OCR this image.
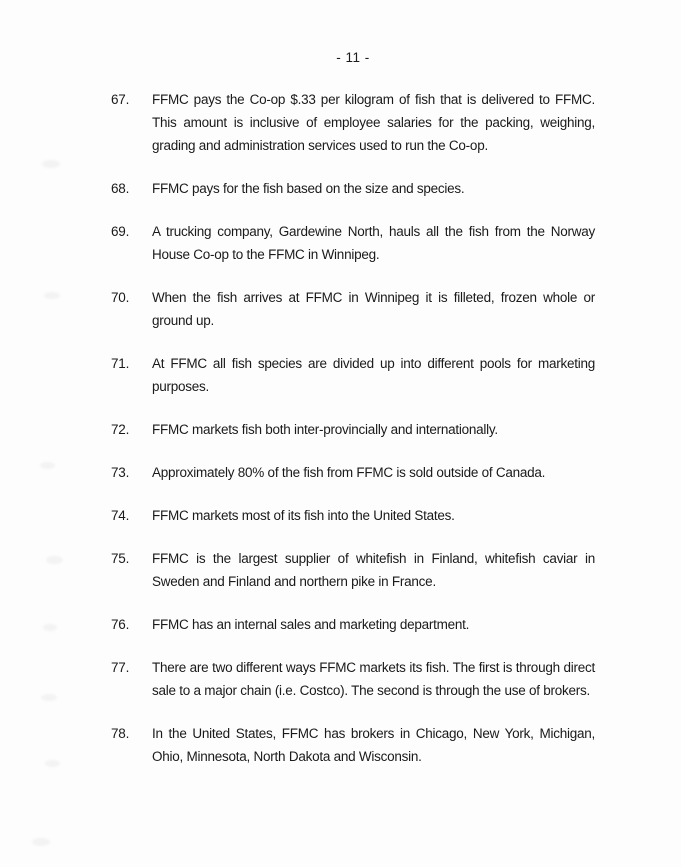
- 11 -
67.	FFMC pays the Co-op $.33 per kilogram of fish that is delivered to FFMC. This amount is inclusive of employee salaries for the packing, weighing, grading and administration services used to run the Co-op.
68.	FFMC pays for the fish based on the size and species.
69.	A trucking company, Gardewine North, hauls all the fish from the Norway House Co-op to the FFMC in Winnipeg.
70.	When the fish arrives at FFMC in Winnipeg it is filleted, frozen whole or ground up.
71.	At FFMC all fish species are divided up into different pools for marketing purposes.
72.	FFMC markets fish both inter-provincially and internationally.
73.	Approximately 80% of the fish from FFMC is sold outside of Canada.
74.	FFMC markets most of its fish into the United States.
75.	FFMC is the largest supplier of whitefish in Finland, whitefish caviar in Sweden and Finland and northern pike in France.
76.	FFMC has an internal sales and marketing department.
77.	There are two different ways FFMC markets its fish. The first is through direct sale to a major chain (i.e. Costco). The second is through the use of brokers.
78.	In the United States, FFMC has brokers in Chicago, New York, Michigan, Ohio, Minnesota, North Dakota and Wisconsin.
